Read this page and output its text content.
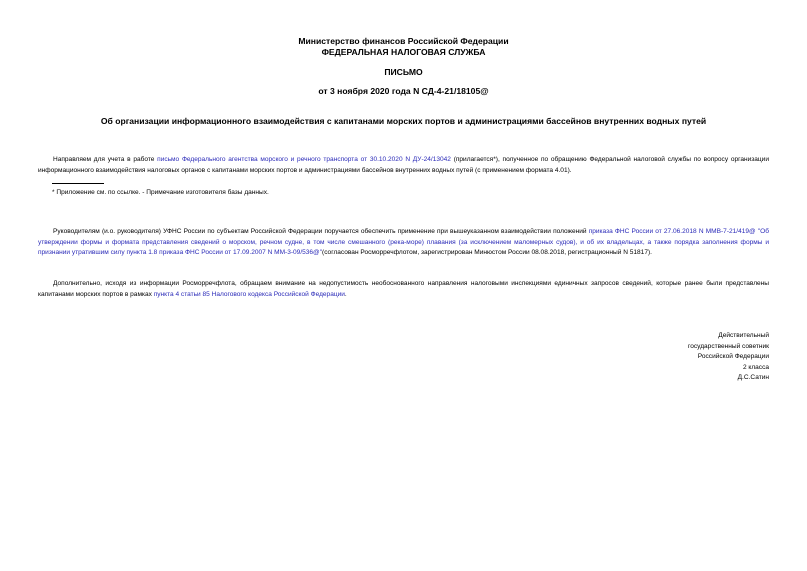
Министерство финансов Российской Федерации
ФЕДЕРАЛЬНАЯ НАЛОГОВАЯ СЛУЖБА
ПИСЬМО
от 3 ноября 2020 года N СД-4-21/18105@
Об организации информационного взаимодействия с капитанами морских портов и администрациями бассейнов внутренних водных путей
Направляем для учета в работе письмо Федерального агентства морского и речного транспорта от 30.10.2020 N ДУ-24/13042 (прилагается*), полученное по обращению Федеральной налоговой службы по вопросу организации информационного взаимодействия налоговых органов с капитанами морских портов и администрациями бассейнов внутренних водных путей (с применением формата 4.01).
* Приложение см. по ссылке. - Примечание изготовителя базы данных.
Руководителям (и.о. руководителя) УФНС России по субъектам Российской Федерации поручается обеспечить применение при вышеуказанном взаимодействии положений приказа ФНС России от 27.06.2018 N ММВ-7-21/419@ "Об утверждении формы и формата представления сведений о морском, речном судне, в том числе смешанного (река-море) плавания (за исключением маломерных судов), и об их владельцах, а также порядка заполнения формы и признании утратившим силу пункта 1.8 приказа ФНС России от 17.09.2007 N ММ-3-09/536@"(согласован Росморречфлотом, зарегистрирован Минюстом России 08.08.2018, регистрационный N 51817).
Дополнительно, исходя из информации Росморречфлота, обращаем внимание на недопустимость необоснованного направления налоговыми инспекциями единичных запросов сведений, которые ранее были представлены капитанами морских портов в рамках пункта 4 статьи 85 Налогового кодекса Российской Федерации.
Действительный
государственный советник
Российской Федерации
2 класса
Д.С.Сатин
